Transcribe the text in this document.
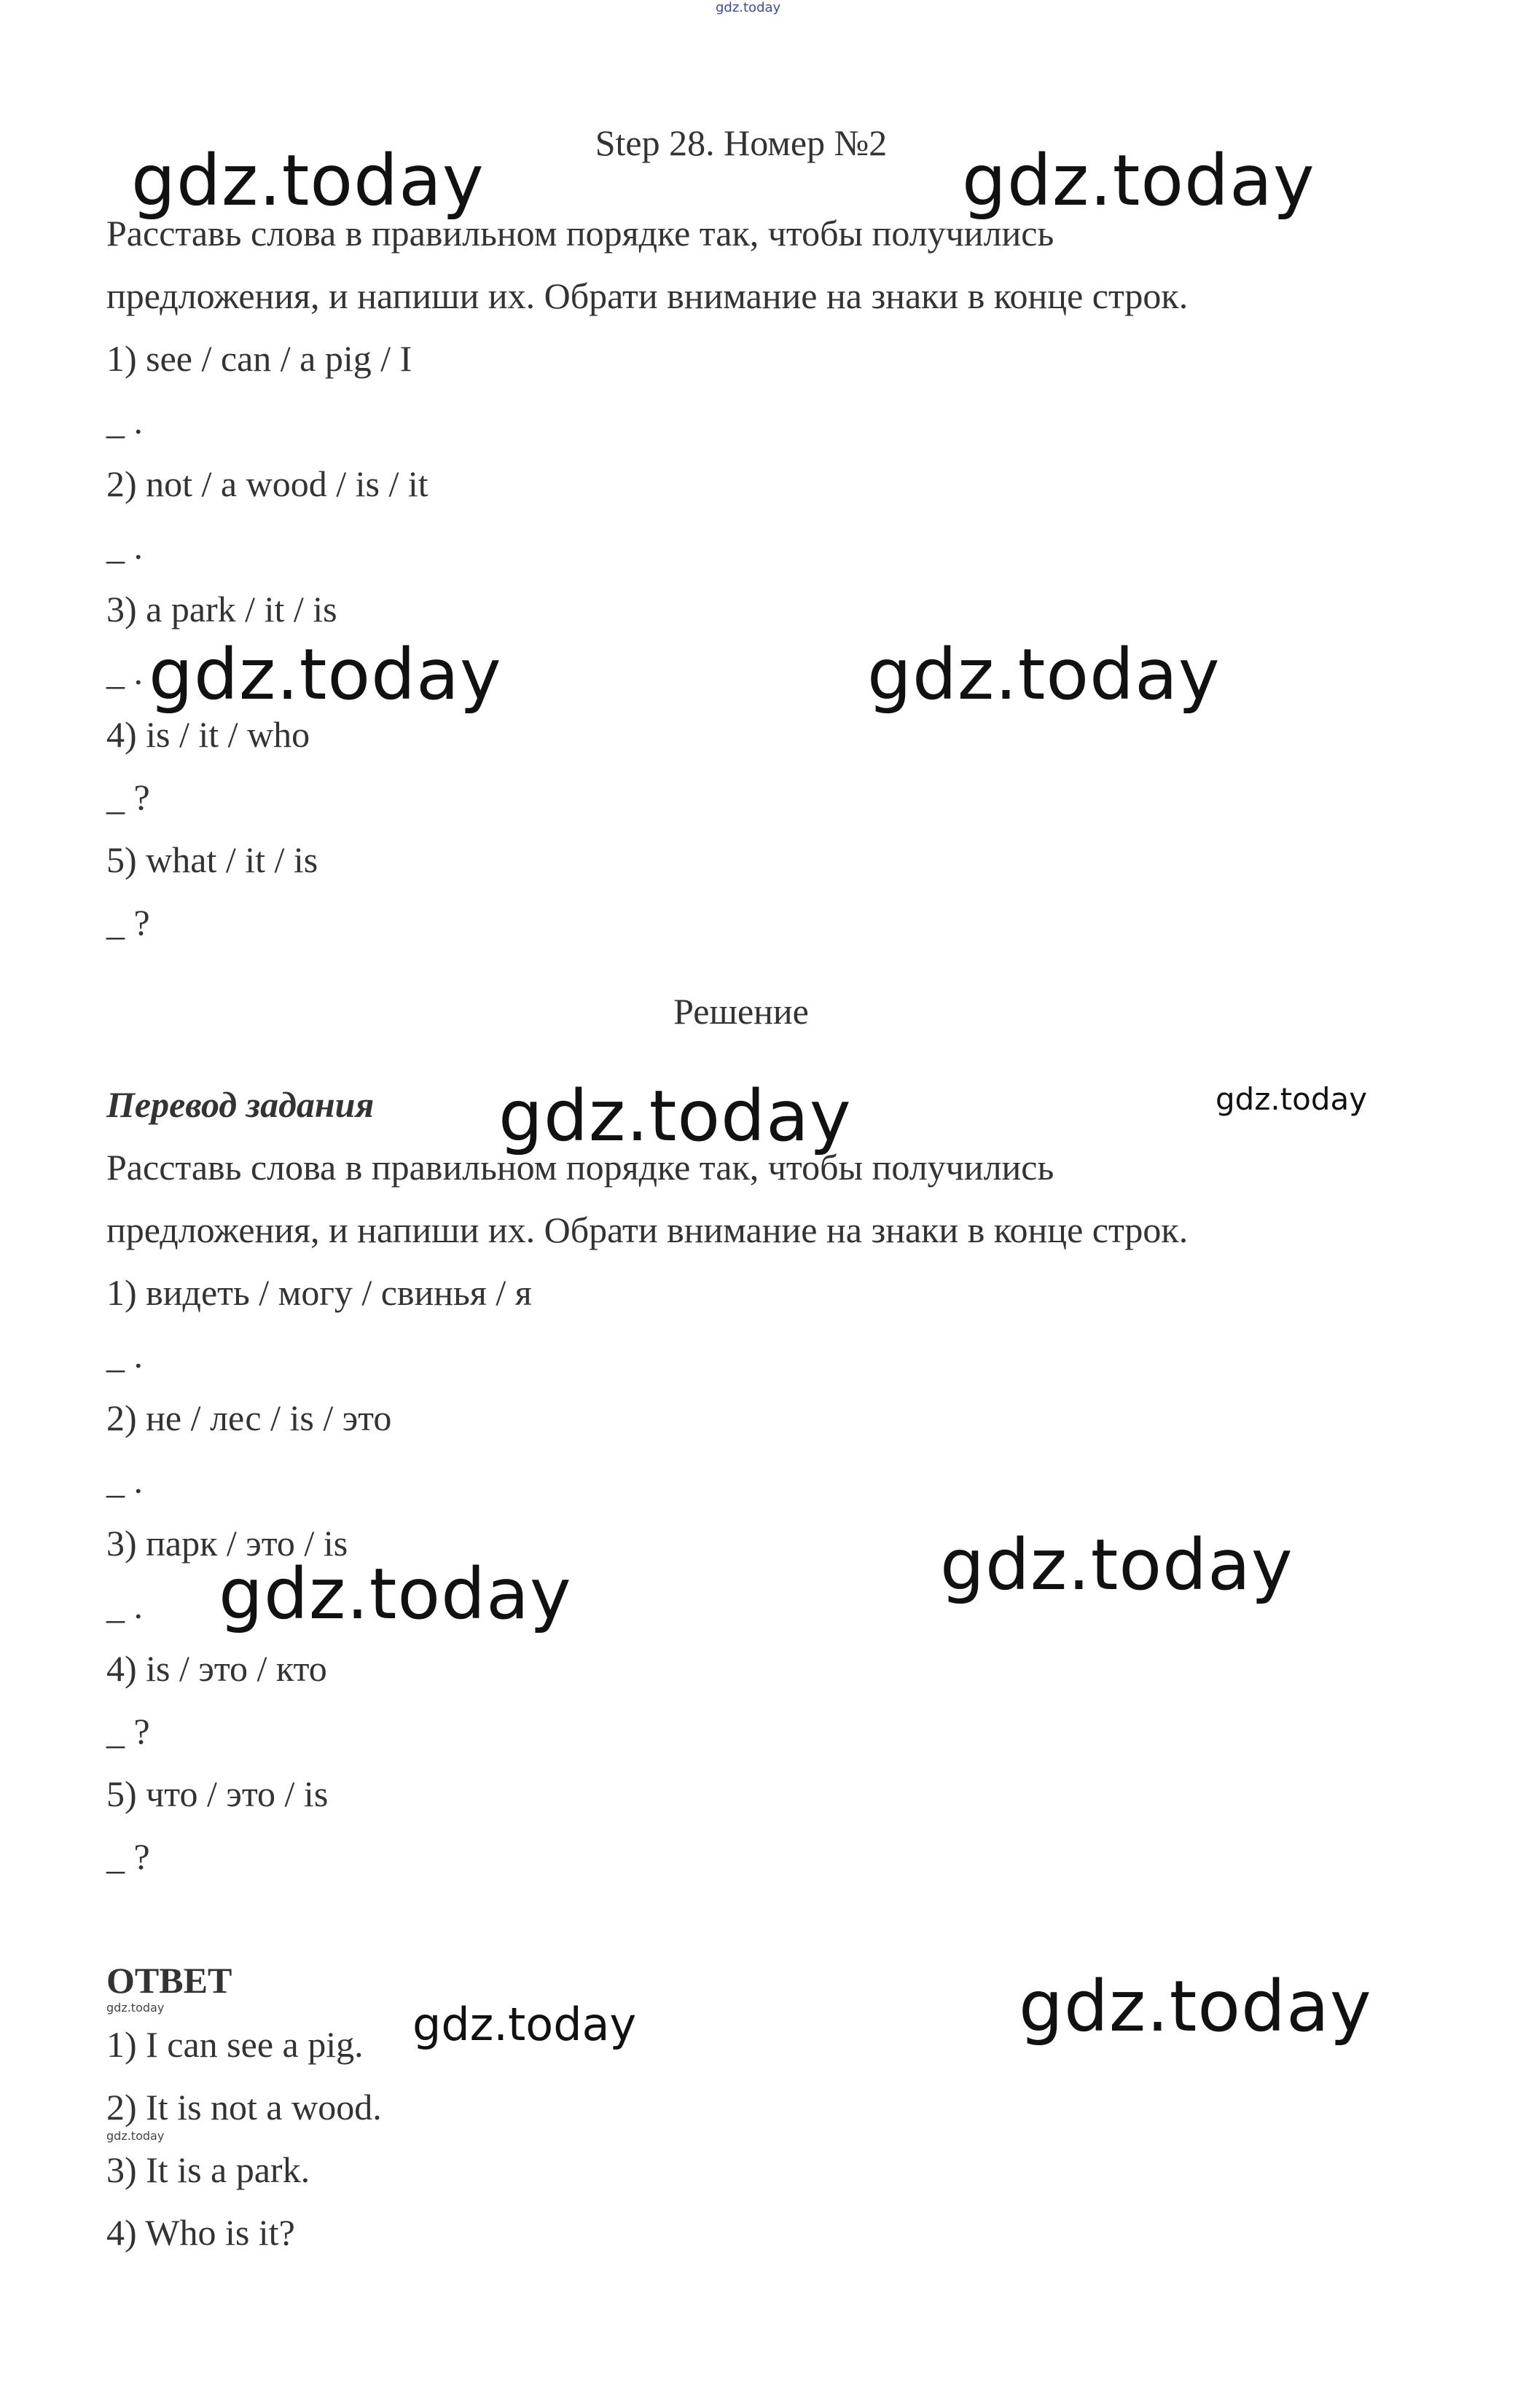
Step 28. Номер №2
Расставь слова в правильном порядке так, чтобы получились
предложения, и напиши их. Обрати внимание на знаки в конце строк.
1) see / can / a pig / I
_ .
2) not / a wood / is / it
_ .
3) a park / it / is
_ .
4) is / it / who
_ ?
5) what / it / is
_ ?
Решение
Перевод задания
Расставь слова в правильном порядке так, чтобы получились
предложения, и напиши их. Обрати внимание на знаки в конце строк.
1) видеть / могу / свинья / я
_ .
2) не / лес / is / это
_ .
3) парк / это / is
_ .
4) is / это / кто
_ ?
5) что / это / is
_ ?
ОТВЕТ
1) I can see a pig.
2) It is not a wood.
3) It is a park.
4) Who is it?
gdz.today
gdz.today	gdz.today
gdz.today	gdz.today
gdz.today	gdz.today
gdz.today
gdz.today
gdz.today	gdz.today	gdz.today
gdz.today
